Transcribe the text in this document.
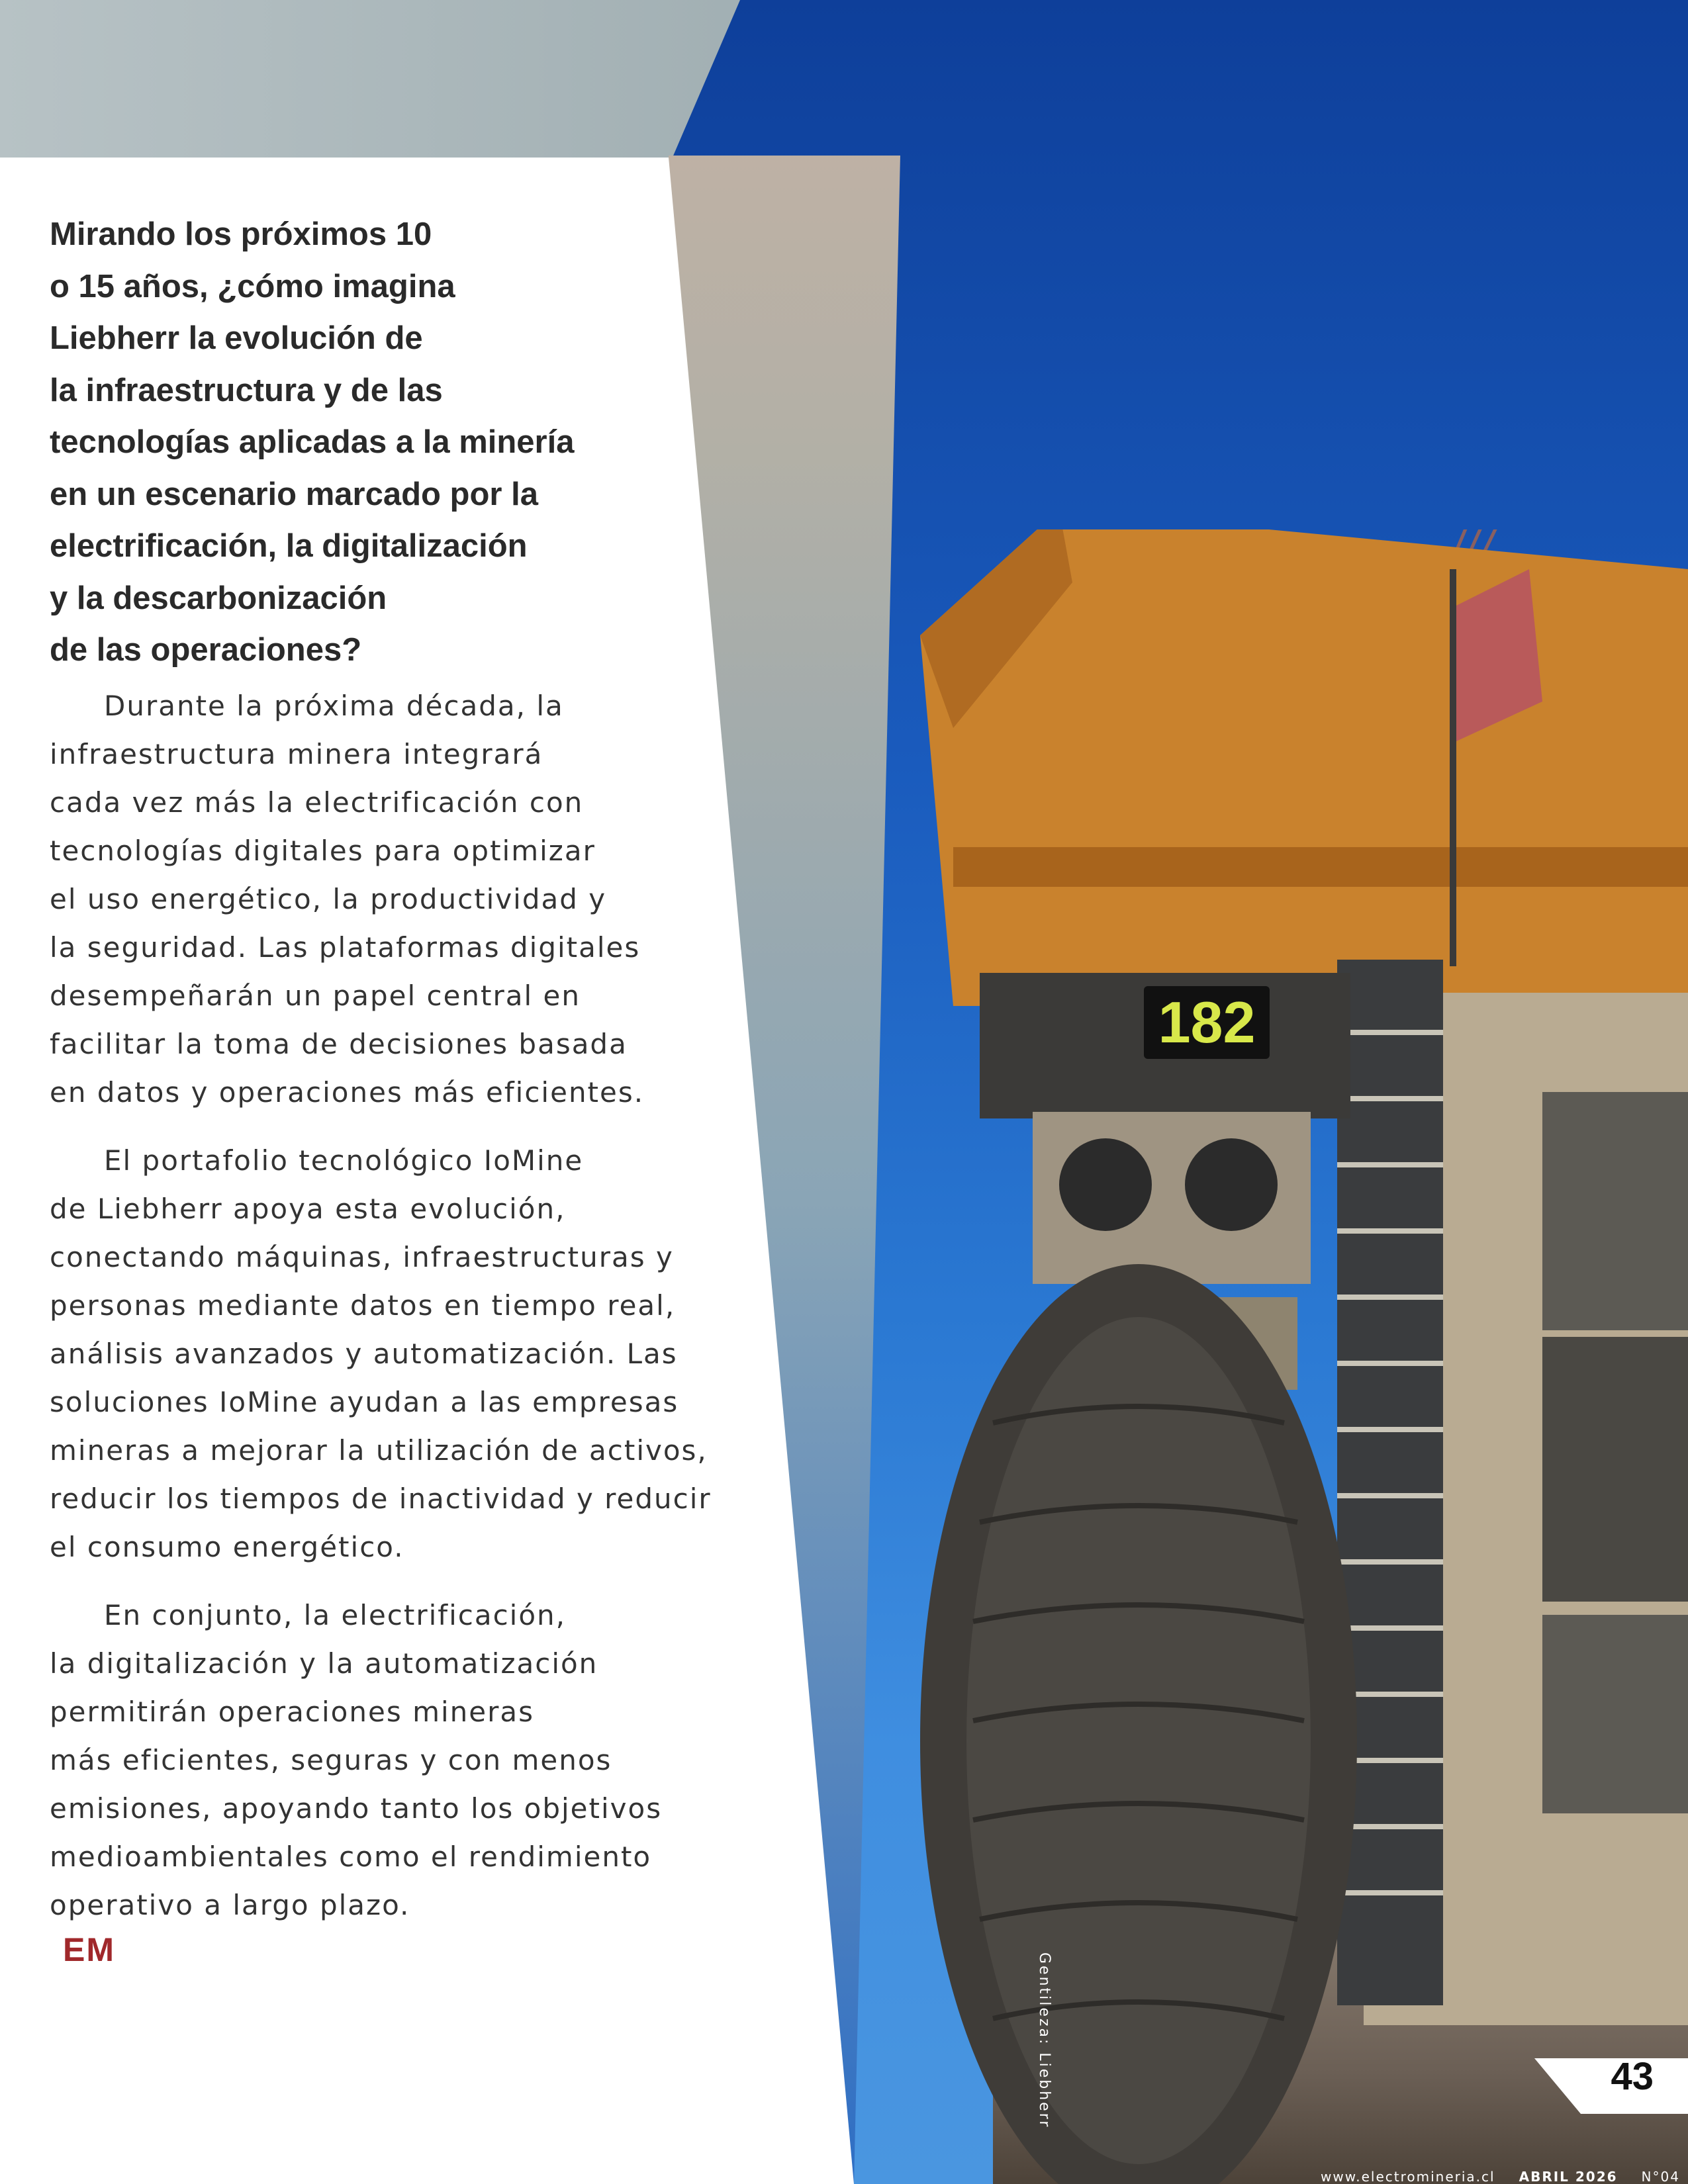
182
Mirando los próximos 10
o 15 años, ¿cómo imagina
Liebherr la evolución de
la infraestructura y de las
tecnologías aplicadas a la minería
en un escenario marcado por la
electrificación, la digitalización
y la descarbonización
de las operaciones?

Durante la próxima década, la
infraestructura minera integrará
cada vez más la electrificación con
tecnologías digitales para optimizar
el uso energético, la productividad y
la seguridad. Las plataformas digitales
desempeñarán un papel central en
facilitar la toma de decisiones basada
en datos y operaciones más eficientes.

El portafolio tecnológico IoMine
de Liebherr apoya esta evolución,
conectando máquinas, infraestructuras y
personas mediante datos en tiempo real,
análisis avanzados y automatización. Las
soluciones IoMine ayudan a las empresas
mineras a mejorar la utilización de activos,
reducir los tiempos de inactividad y reducir
el consumo energético.

En conjunto, la electrificación,
la digitalización y la automatización
permitirán operaciones mineras
más eficientes, seguras y con menos
emisiones, apoyando tanto los objetivos
medioambientales como el rendimiento
operativo a largo plazo.
EM

Gentileza: Liebherr	43
www.electromineria.cl ABRIL 2026 N°04
